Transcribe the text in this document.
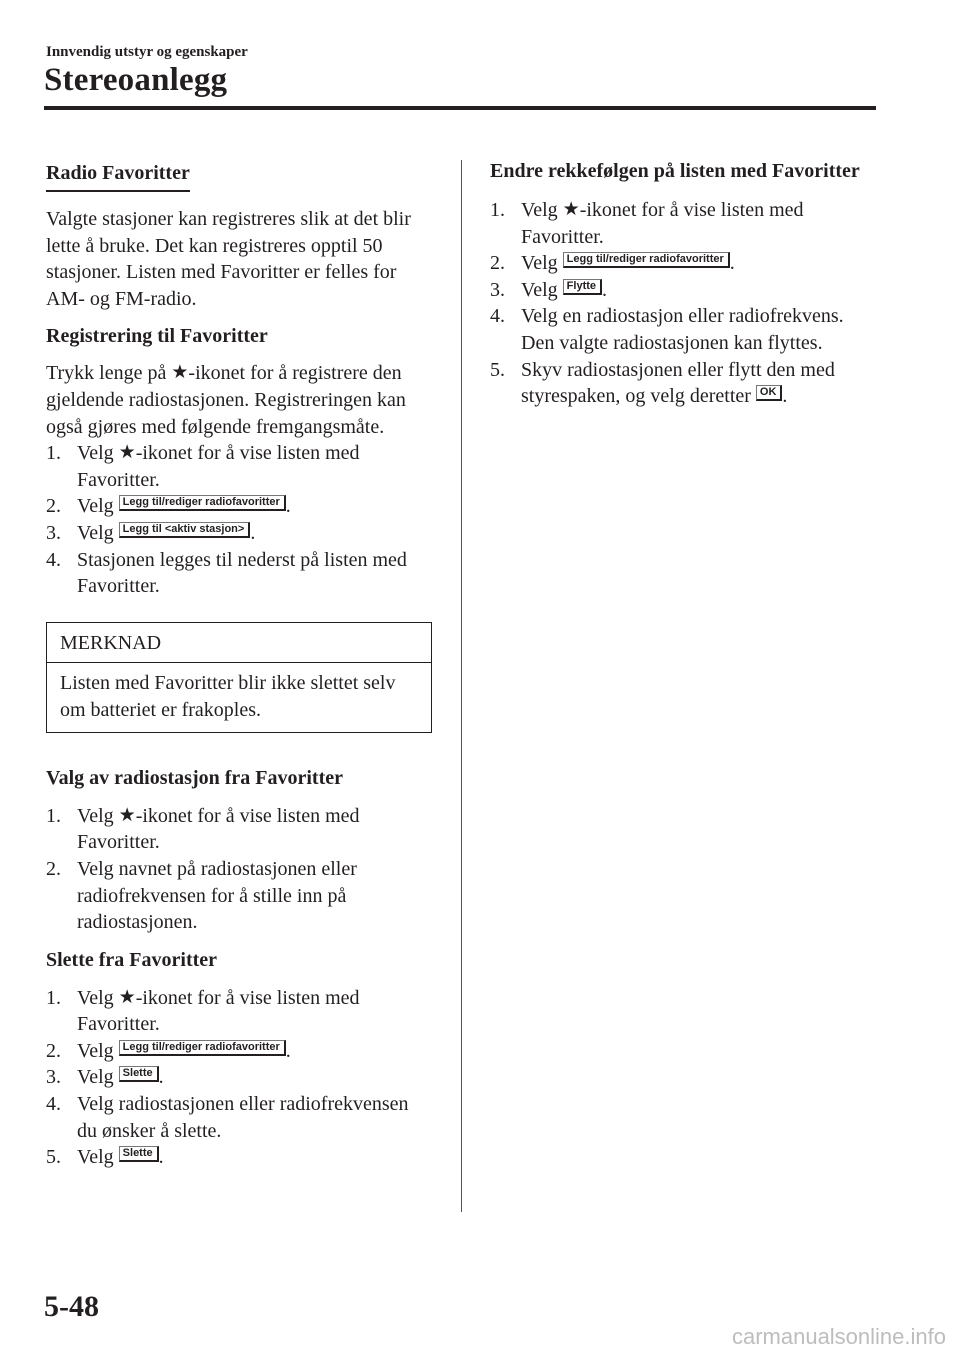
Innvendig utstyr og egenskaper
Stereoanlegg
Radio Favoritter

Valgte stasjoner kan registreres slik at det blir lette å bruke. Det kan registreres opptil 50 stasjoner. Listen med Favoritter er felles for AM- og FM-radio.

Registrering til Favoritter

Trykk lenge på ★-ikonet for å registrere den gjeldende radiostasjonen. Registreringen kan også gjøres med følgende fremgangsmåte.

1. Velg ★-ikonet for å vise listen med Favoritter.
2. Velg Legg til/rediger radiofavoritter .
3. Velg Legg til <aktiv stasjon> .
4. Stasjonen legges til nederst på listen med Favoritter.
MERKNAD
Listen med Favoritter blir ikke slettet selv om batteriet er frakoples.
Valg av radiostasjon fra Favoritter
1. Velg ★-ikonet for å vise listen med Favoritter.
2. Velg navnet på radiostasjonen eller radiofrekvensen for å stille inn på radiostasjonen.
Slette fra Favoritter
1. Velg ★-ikonet for å vise listen med Favoritter.
2. Velg Legg til/rediger radiofavoritter .
3. Velg Slette .
4. Velg radiostasjonen eller radiofrekvensen du ønsker å slette.
5. Velg Slette .
Endre rekkefølgen på listen med Favoritter
1. Velg ★-ikonet for å vise listen med Favoritter.
2. Velg Legg til/rediger radiofavoritter .
3. Velg Flytte .
4. Velg en radiostasjon eller radiofrekvens. Den valgte radiostasjonen kan flyttes.
5. Skyv radiostasjonen eller flytt den med styrespaken, og velg deretter OK .
5-48
carmanualsonline.info
